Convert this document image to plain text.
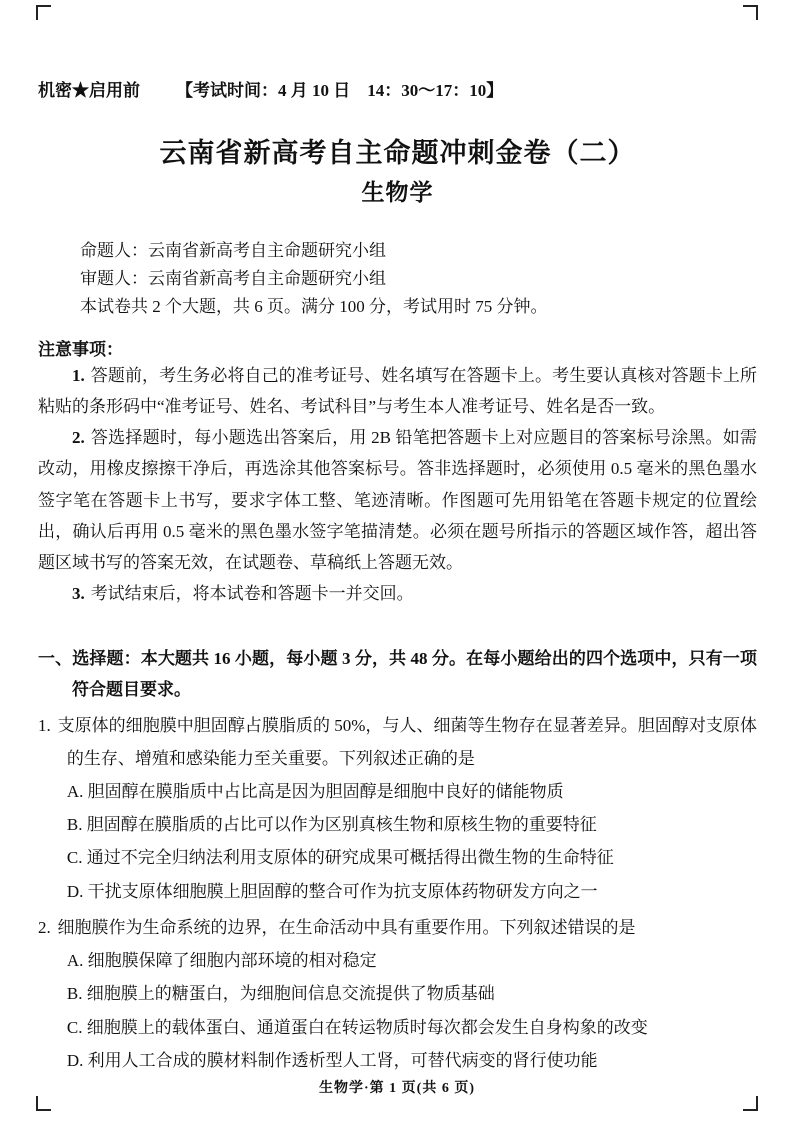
机密★启用前 【考试时间：4 月 10 日　14：30～17：10】
云南省新高考自主命题冲刺金卷（二）
生物学

命题人：云南省新高考自主命题研究小组

审题人：云南省新高考自主命题研究小组

本试卷共 2 个大题，共 6 页。满分 100 分，考试用时 75 分钟。

注意事项：

1. 答题前，考生务必将自己的准考证号、姓名填写在答题卡上。考生要认真核对答题卡上所粘贴的条形码中“准考证号、姓名、考试科目”与考生本人准考证号、姓名是否一致。

2. 答选择题时，每小题选出答案后，用 2B 铅笔把答题卡上对应题目的答案标号涂黑。如需改动，用橡皮擦擦干净后，再选涂其他答案标号。答非选择题时，必须使用 0.5 毫米的黑色墨水签字笔在答题卡上书写，要求字体工整、笔迹清晰。作图题可先用铅笔在答题卡规定的位置绘出，确认后再用 0.5 毫米的黑色墨水签字笔描清楚。必须在题号所指示的答题区域作答，超出答题区域书写的答案无效，在试题卷、草稿纸上答题无效。

3. 考试结束后，将本试卷和答题卡一并交回。

一、选择题：本大题共 16 小题，每小题 3 分，共 48 分。在每小题给出的四个选项中，只有一项符合题目要求。

1. 支原体的细胞膜中胆固醇占膜脂质的 50%，与人、细菌等生物存在显著差异。胆固醇对支原体的生存、增殖和感染能力至关重要。下列叙述正确的是

A. 胆固醇在膜脂质中占比高是因为胆固醇是细胞中良好的储能物质

B. 胆固醇在膜脂质的占比可以作为区别真核生物和原核生物的重要特征

C. 通过不完全归纳法利用支原体的研究成果可概括得出微生物的生命特征

D. 干扰支原体细胞膜上胆固醇的整合可作为抗支原体药物研发方向之一

2. 细胞膜作为生命系统的边界，在生命活动中具有重要作用。下列叙述错误的是

A. 细胞膜保障了细胞内部环境的相对稳定

B. 细胞膜上的糖蛋白，为细胞间信息交流提供了物质基础

C. 细胞膜上的载体蛋白、通道蛋白在转运物质时每次都会发生自身构象的改变

D. 利用人工合成的膜材料制作透析型人工肾，可替代病变的肾行使功能

生物学·第 1 页(共 6 页)
